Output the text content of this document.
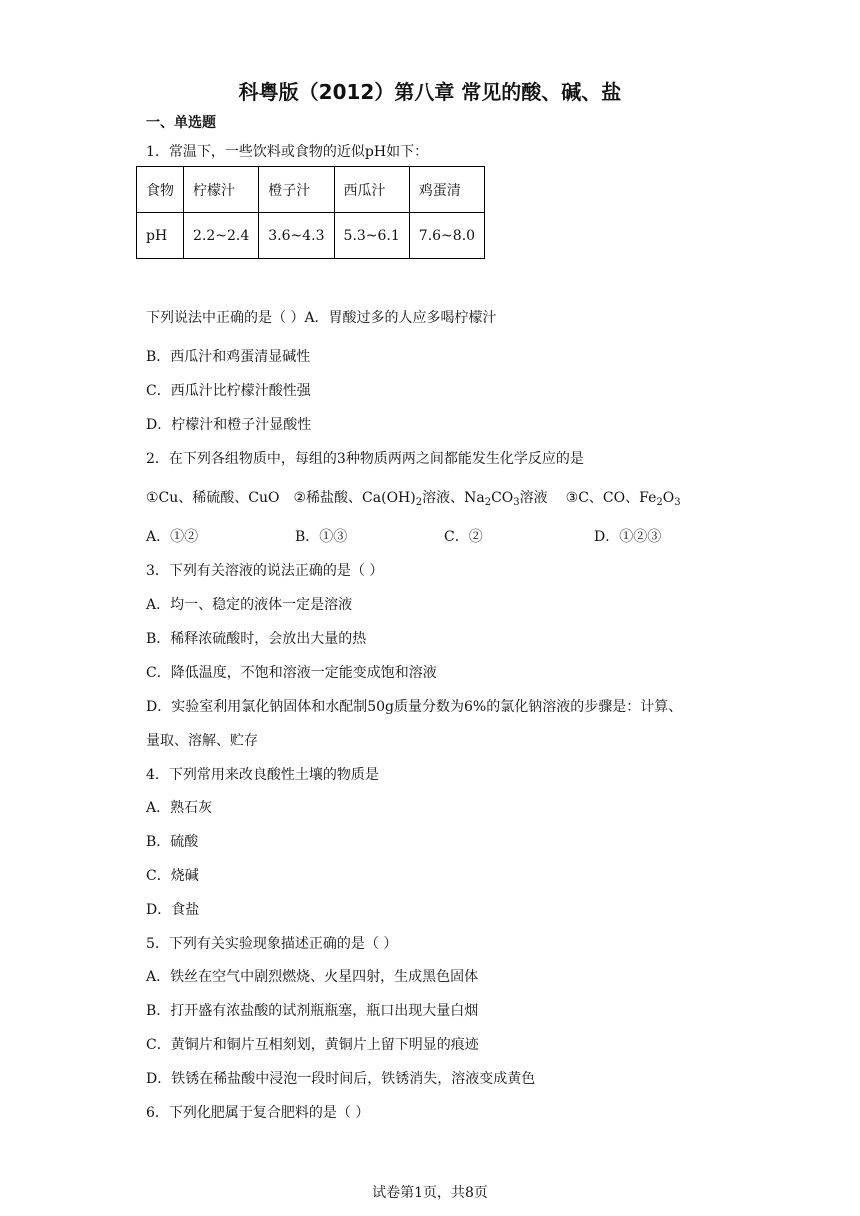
科粤版（2012）第八章 常见的酸、碱、盐
一、单选题
1．常温下，一些饮料或食物的近似pH如下：
食物	柠檬汁	橙子汁	西瓜汁	鸡蛋清
pH	2.2~2.4	3.6~4.3	5.3~6.1	7.6~8.0
下列说法中正确的是（ ）A．胃酸过多的人应多喝柠檬汁
B．西瓜汁和鸡蛋清显碱性
C．西瓜汁比柠檬汁酸性强
D．柠檬汁和橙子汁显酸性
2．在下列各组物质中，每组的3种物质两两之间都能发生化学反应的是
①Cu、稀硫酸、CuO ②稀盐酸、$Ca(OH)_2$溶液、$Na_2CO_3$溶液 ③C、CO、$Fe_2O_3$
A．①②	B．①③	C．②	D．①②③
3．下列有关溶液的说法正确的是（ ）
A．均一、稳定的液体一定是溶液
B．稀释浓硫酸时，会放出大量的热
C．降低温度，不饱和溶液一定能变成饱和溶液
D．实验室利用氯化钠固体和水配制50g质量分数为6%的氯化钠溶液的步骤是：计算、
量取、溶解、贮存
4．下列常用来改良酸性土壤的物质是
A．熟石灰
B．硫酸
C．烧碱
D．食盐
5．下列有关实验现象描述正确的是（ ）
A．铁丝在空气中剧烈燃烧、火星四射，生成黑色固体
B．打开盛有浓盐酸的试剂瓶瓶塞，瓶口出现大量白烟
C．黄铜片和铜片互相刻划，黄铜片上留下明显的痕迹
D．铁锈在稀盐酸中浸泡一段时间后，铁锈消失，溶液变成黄色
6．下列化肥属于复合肥料的是（ ）
试卷第1页，共8页
